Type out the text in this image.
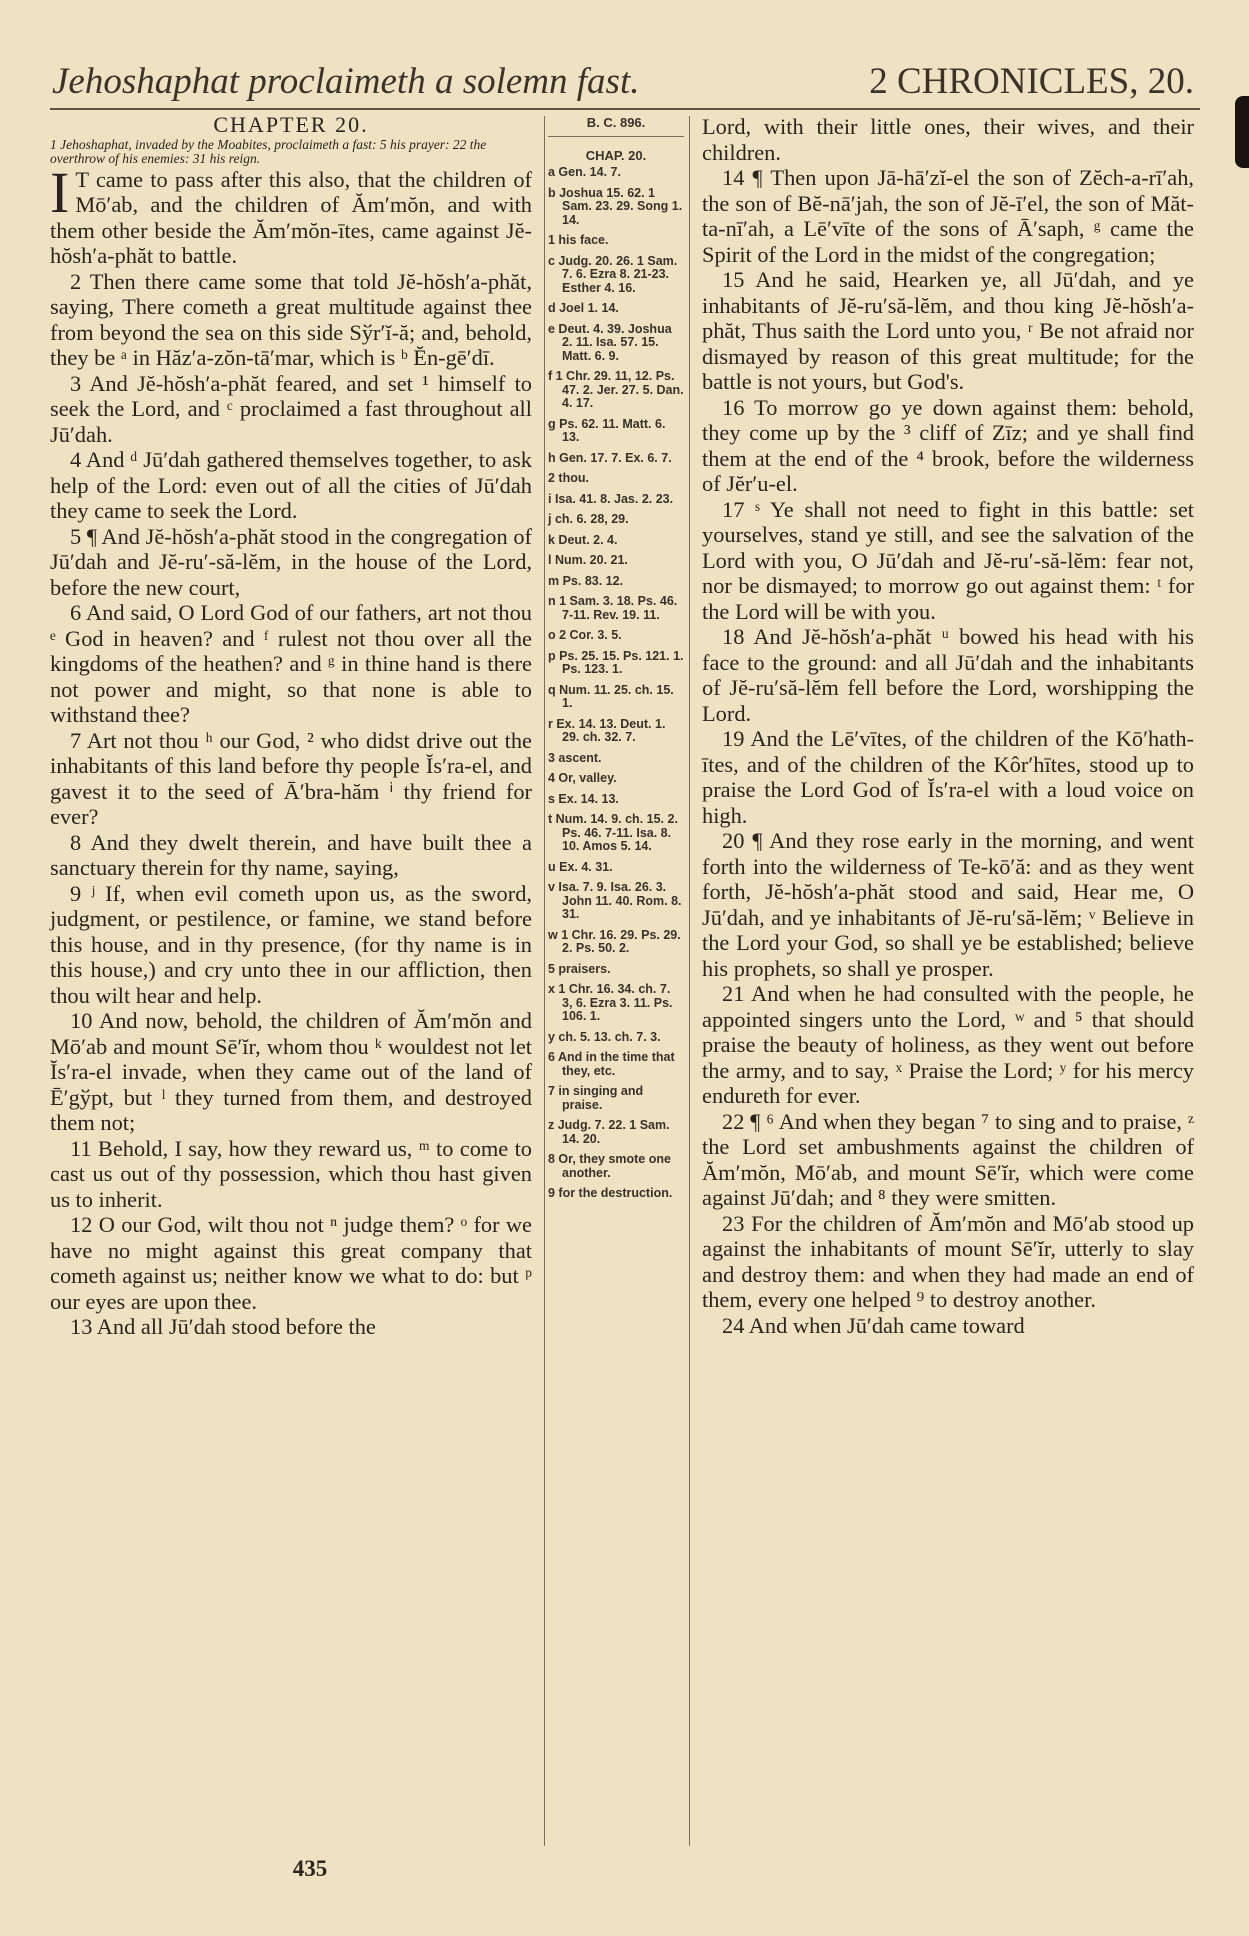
Jehoshaphat proclaimeth a solemn fast.	2 CHRONICLES, 20.

CHAPTER 20.

1 Jehoshaphat, invaded by the Moabites, proclaimeth a fast: 5 his prayer: 22 the overthrow of his enemies: 31 his reign.

I T came to pass after this also, that the children of Mō′ab, and the children of Ăm′mŏn, and with them other beside the Ăm′mŏn-ītes, came against Jĕ-hŏsh′a-phăt to battle.

2 Then there came some that told Jĕ-hŏsh′a-phăt, saying, There cometh a great multitude against thee from beyond the sea on this side Sўr′ĭ-ă; and, behold, they be ᵃ in Hăz′a-zŏn-tā′mar, which is ᵇ Ĕn-gē′dī.

3 And Jĕ-hŏsh′a-phăt feared, and set ¹ himself to seek the Lord, and ᶜ proclaimed a fast throughout all Jū′dah.

4 And ᵈ Jū′dah gathered themselves together, to ask help of the Lord: even out of all the cities of Jū′dah they came to seek the Lord.

5 ¶ And Jĕ-hŏsh′a-phăt stood in the congregation of Jū′dah and Jĕ-ru′-să-lĕm, in the house of the Lord, before the new court,

6 And said, O Lord God of our fathers, art not thou ᵉ God in heaven? and ᶠ rulest not thou over all the kingdoms of the heathen? and ᵍ in thine hand is there not power and might, so that none is able to withstand thee?

7 Art not thou ʰ our God, ² who didst drive out the inhabitants of this land before thy people Ĭs′ra-el, and gavest it to the seed of Ā′bra-hăm ⁱ thy friend for ever?

8 And they dwelt therein, and have built thee a sanctuary therein for thy name, saying,

9 ʲ If, when evil cometh upon us, as the sword, judgment, or pestilence, or famine, we stand before this house, and in thy presence, (for thy name is in this house,) and cry unto thee in our affliction, then thou wilt hear and help.

10 And now, behold, the children of Ăm′mŏn and Mō′ab and mount Sē′ĭr, whom thou ᵏ wouldest not let Ĭs′ra-el invade, when they came out of the land of Ē′gўpt, but ˡ they turned from them, and destroyed them not;

11 Behold, I say, how they reward us, ᵐ to come to cast us out of thy possession, which thou hast given us to inherit.

12 O our God, wilt thou not ⁿ judge them? ᵒ for we have no might against this great company that cometh against us; neither know we what to do: but ᵖ our eyes are upon thee.

13 And all Jū′dah stood before the

B. C. 896.
CHAP. 20.
a Gen. 14. 7.
b Joshua 15. 62. 1 Sam. 23. 29. Song 1. 14.
1 his face.
c Judg. 20. 26. 1 Sam. 7. 6. Ezra 8. 21-23. Esther 4. 16.
d Joel 1. 14.
e Deut. 4. 39. Joshua 2. 11. Isa. 57. 15. Matt. 6. 9.
f 1 Chr. 29. 11, 12. Ps. 47. 2. Jer. 27. 5. Dan. 4. 17.
g Ps. 62. 11. Matt. 6. 13.
h Gen. 17. 7. Ex. 6. 7.
2 thou.
i Isa. 41. 8. Jas. 2. 23.
j ch. 6. 28, 29.
k Deut. 2. 4.
l Num. 20. 21.
m Ps. 83. 12.
n 1 Sam. 3. 18. Ps. 46. 7-11. Rev. 19. 11.
o 2 Cor. 3. 5.
p Ps. 25. 15. Ps. 121. 1. Ps. 123. 1.
q Num. 11. 25. ch. 15. 1.
r Ex. 14. 13. Deut. 1. 29. ch. 32. 7.
3 ascent.
4 Or, valley.
s Ex. 14. 13.
t Num. 14. 9. ch. 15. 2. Ps. 46. 7-11. Isa. 8. 10. Amos 5. 14.
u Ex. 4. 31.
v Isa. 7. 9. Isa. 26. 3. John 11. 40. Rom. 8. 31.
w 1 Chr. 16. 29. Ps. 29. 2. Ps. 50. 2.
5 praisers.
x 1 Chr. 16. 34. ch. 7. 3, 6. Ezra 3. 11. Ps. 106. 1.
y ch. 5. 13. ch. 7. 3.
6 And in the time that they, etc.
7 in singing and praise.
z Judg. 7. 22. 1 Sam. 14. 20.
8 Or, they smote one another.
9 for the destruction.

Lord, with their little ones, their wives, and their children.

14 ¶ Then upon Jā-hā′zĭ-el the son of Zĕch-a-rī′ah, the son of Bĕ-nā′jah, the son of Jĕ-ī′el, the son of Măt-ta-nī′ah, a Lē′vīte of the sons of Ā′saph, ᵍ came the Spirit of the Lord in the midst of the congregation;

15 And he said, Hearken ye, all Jū′dah, and ye inhabitants of Jĕ-ru′să-lĕm, and thou king Jĕ-hŏsh′a-phăt, Thus saith the Lord unto you, ʳ Be not afraid nor dismayed by reason of this great multitude; for the battle is not yours, but God's.

16 To morrow go ye down against them: behold, they come up by the ³ cliff of Zīz; and ye shall find them at the end of the ⁴ brook, before the wilderness of Jĕr′u-el.

17 ˢ Ye shall not need to fight in this battle: set yourselves, stand ye still, and see the salvation of the Lord with you, O Jū′dah and Jĕ-ru′-să-lĕm: fear not, nor be dismayed; to morrow go out against them: ᵗ for the Lord will be with you.

18 And Jĕ-hŏsh′a-phăt ᵘ bowed his head with his face to the ground: and all Jū′dah and the inhabitants of Jĕ-ru′să-lĕm fell before the Lord, worshipping the Lord.

19 And the Lē′vītes, of the children of the Kō′hath-ītes, and of the children of the Kôr′hītes, stood up to praise the Lord God of Ĭs′ra-el with a loud voice on high.

20 ¶ And they rose early in the morning, and went forth into the wilderness of Te-kō′ă: and as they went forth, Jĕ-hŏsh′a-phăt stood and said, Hear me, O Jū′dah, and ye inhabitants of Jĕ-ru′să-lĕm; ᵛ Believe in the Lord your God, so shall ye be established; believe his prophets, so shall ye prosper.

21 And when he had consulted with the people, he appointed singers unto the Lord, ʷ and ⁵ that should praise the beauty of holiness, as they went out before the army, and to say, ˣ Praise the Lord; ʸ for his mercy endureth for ever.

22 ¶ ⁶ And when they began ⁷ to sing and to praise, ᶻ the Lord set ambushments against the children of Ăm′mŏn, Mō′ab, and mount Sē′ĭr, which were come against Jū′dah; and ⁸ they were smitten.

23 For the children of Ăm′mŏn and Mō′ab stood up against the inhabitants of mount Sē′ĭr, utterly to slay and destroy them: and when they had made an end of them, every one helped ⁹ to destroy another.

24 And when Jū′dah came toward

435
